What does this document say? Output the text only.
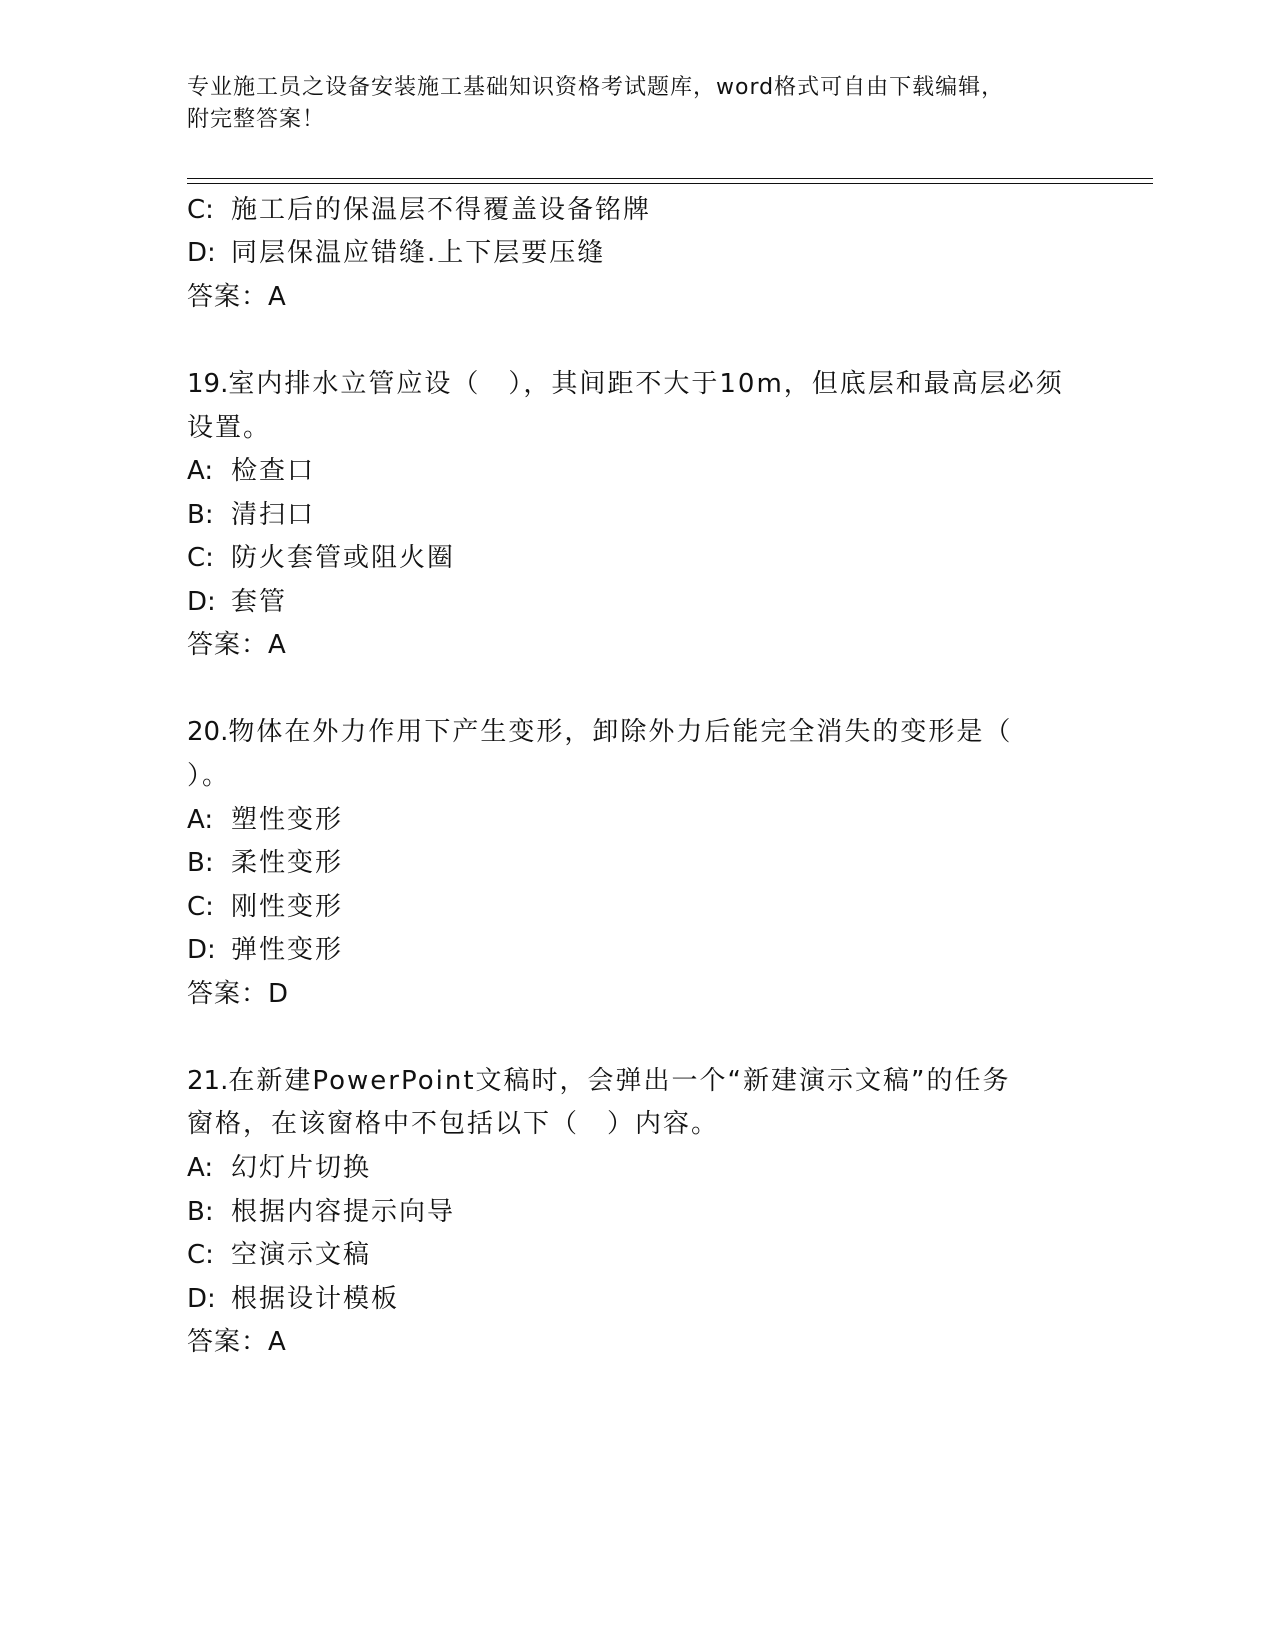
专业施工员之设备安装施工基础知识资格考试题库，word格式可自由下载编辑，
附完整答案！
C: 施工后的保温层不得覆盖设备铭牌
D: 同层保温应错缝.上下层要压缝
答案：A
19.室内排水立管应设（　），其间距不大于10m，但底层和最高层必须
设置。
A: 检查口
B: 清扫口
C: 防火套管或阻火圈
D: 套管
答案：A
20.物体在外力作用下产生变形，卸除外力后能完全消失的变形是（
）。
A: 塑性变形
B: 柔性变形
C: 刚性变形
D: 弹性变形
答案：D
21.在新建PowerPoint文稿时，会弹出一个“新建演示文稿”的任务
窗格，在该窗格中不包括以下（　）内容。
A: 幻灯片切换
B: 根据内容提示向导
C: 空演示文稿
D: 根据设计模板
答案：A
